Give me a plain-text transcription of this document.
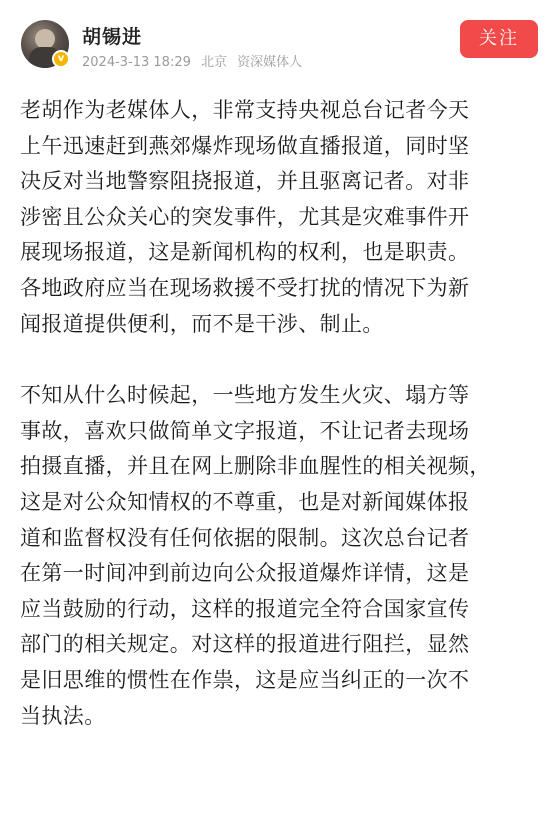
v
胡锡进
2024-3-13 18:29 北京 资深媒体人
关注

老胡作为老媒体人，非常支持央视总台记者今天
上午迅速赶到燕郊爆炸现场做直播报道，同时坚
决反对当地警察阻挠报道，并且驱离记者。对非
涉密且公众关心的突发事件，尤其是灾难事件开
展现场报道，这是新闻机构的权利，也是职责。
各地政府应当在现场救援不受打扰的情况下为新
闻报道提供便利，而不是干涉、制止。

不知从什么时候起，一些地方发生火灾、塌方等
事故，喜欢只做简单文字报道，不让记者去现场
拍摄直播，并且在网上删除非血腥性的相关视频，
这是对公众知情权的不尊重，也是对新闻媒体报
道和监督权没有任何依据的限制。这次总台记者
在第一时间冲到前边向公众报道爆炸详情，这是
应当鼓励的行动，这样的报道完全符合国家宣传
部门的相关规定。对这样的报道进行阻拦，显然
是旧思维的惯性在作祟，这是应当纠正的一次不
当执法。
